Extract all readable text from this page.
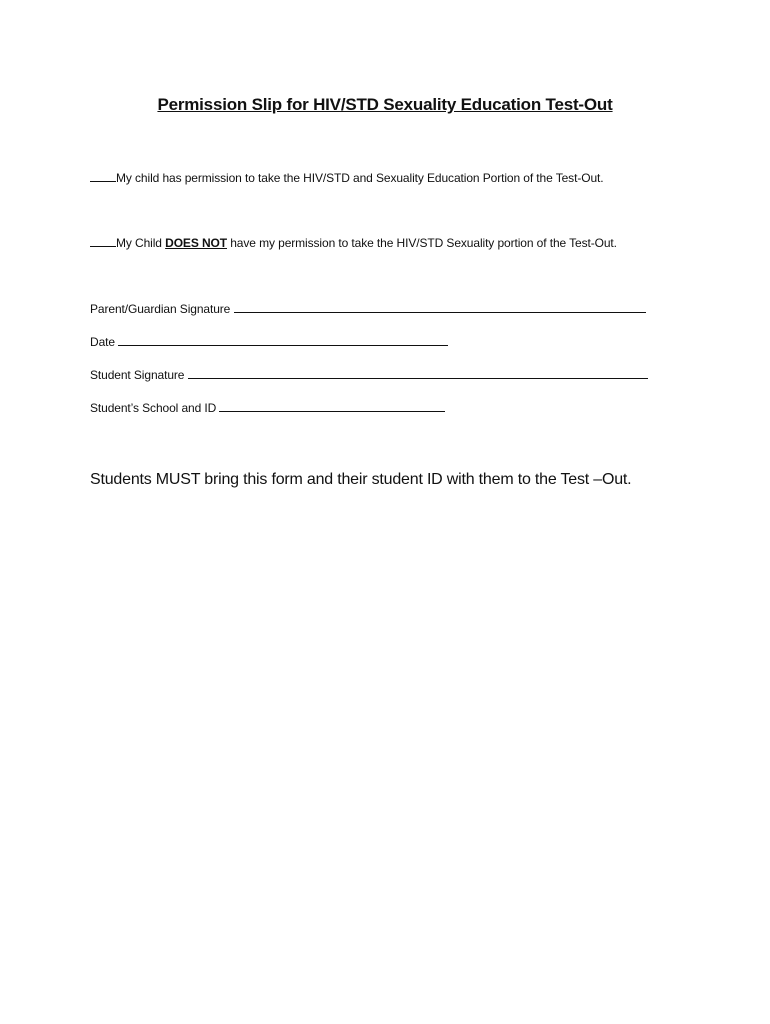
Permission Slip for HIV/STD Sexuality Education Test-Out
My child has permission to take the HIV/STD and Sexuality Education Portion of the Test-Out.
My Child DOES NOT have my permission to take the HIV/STD Sexuality portion of the Test-Out.
Parent/Guardian Signature
Date
Student Signature
Student’s School and ID
Students MUST bring this form and their student ID with them to the Test –Out.
